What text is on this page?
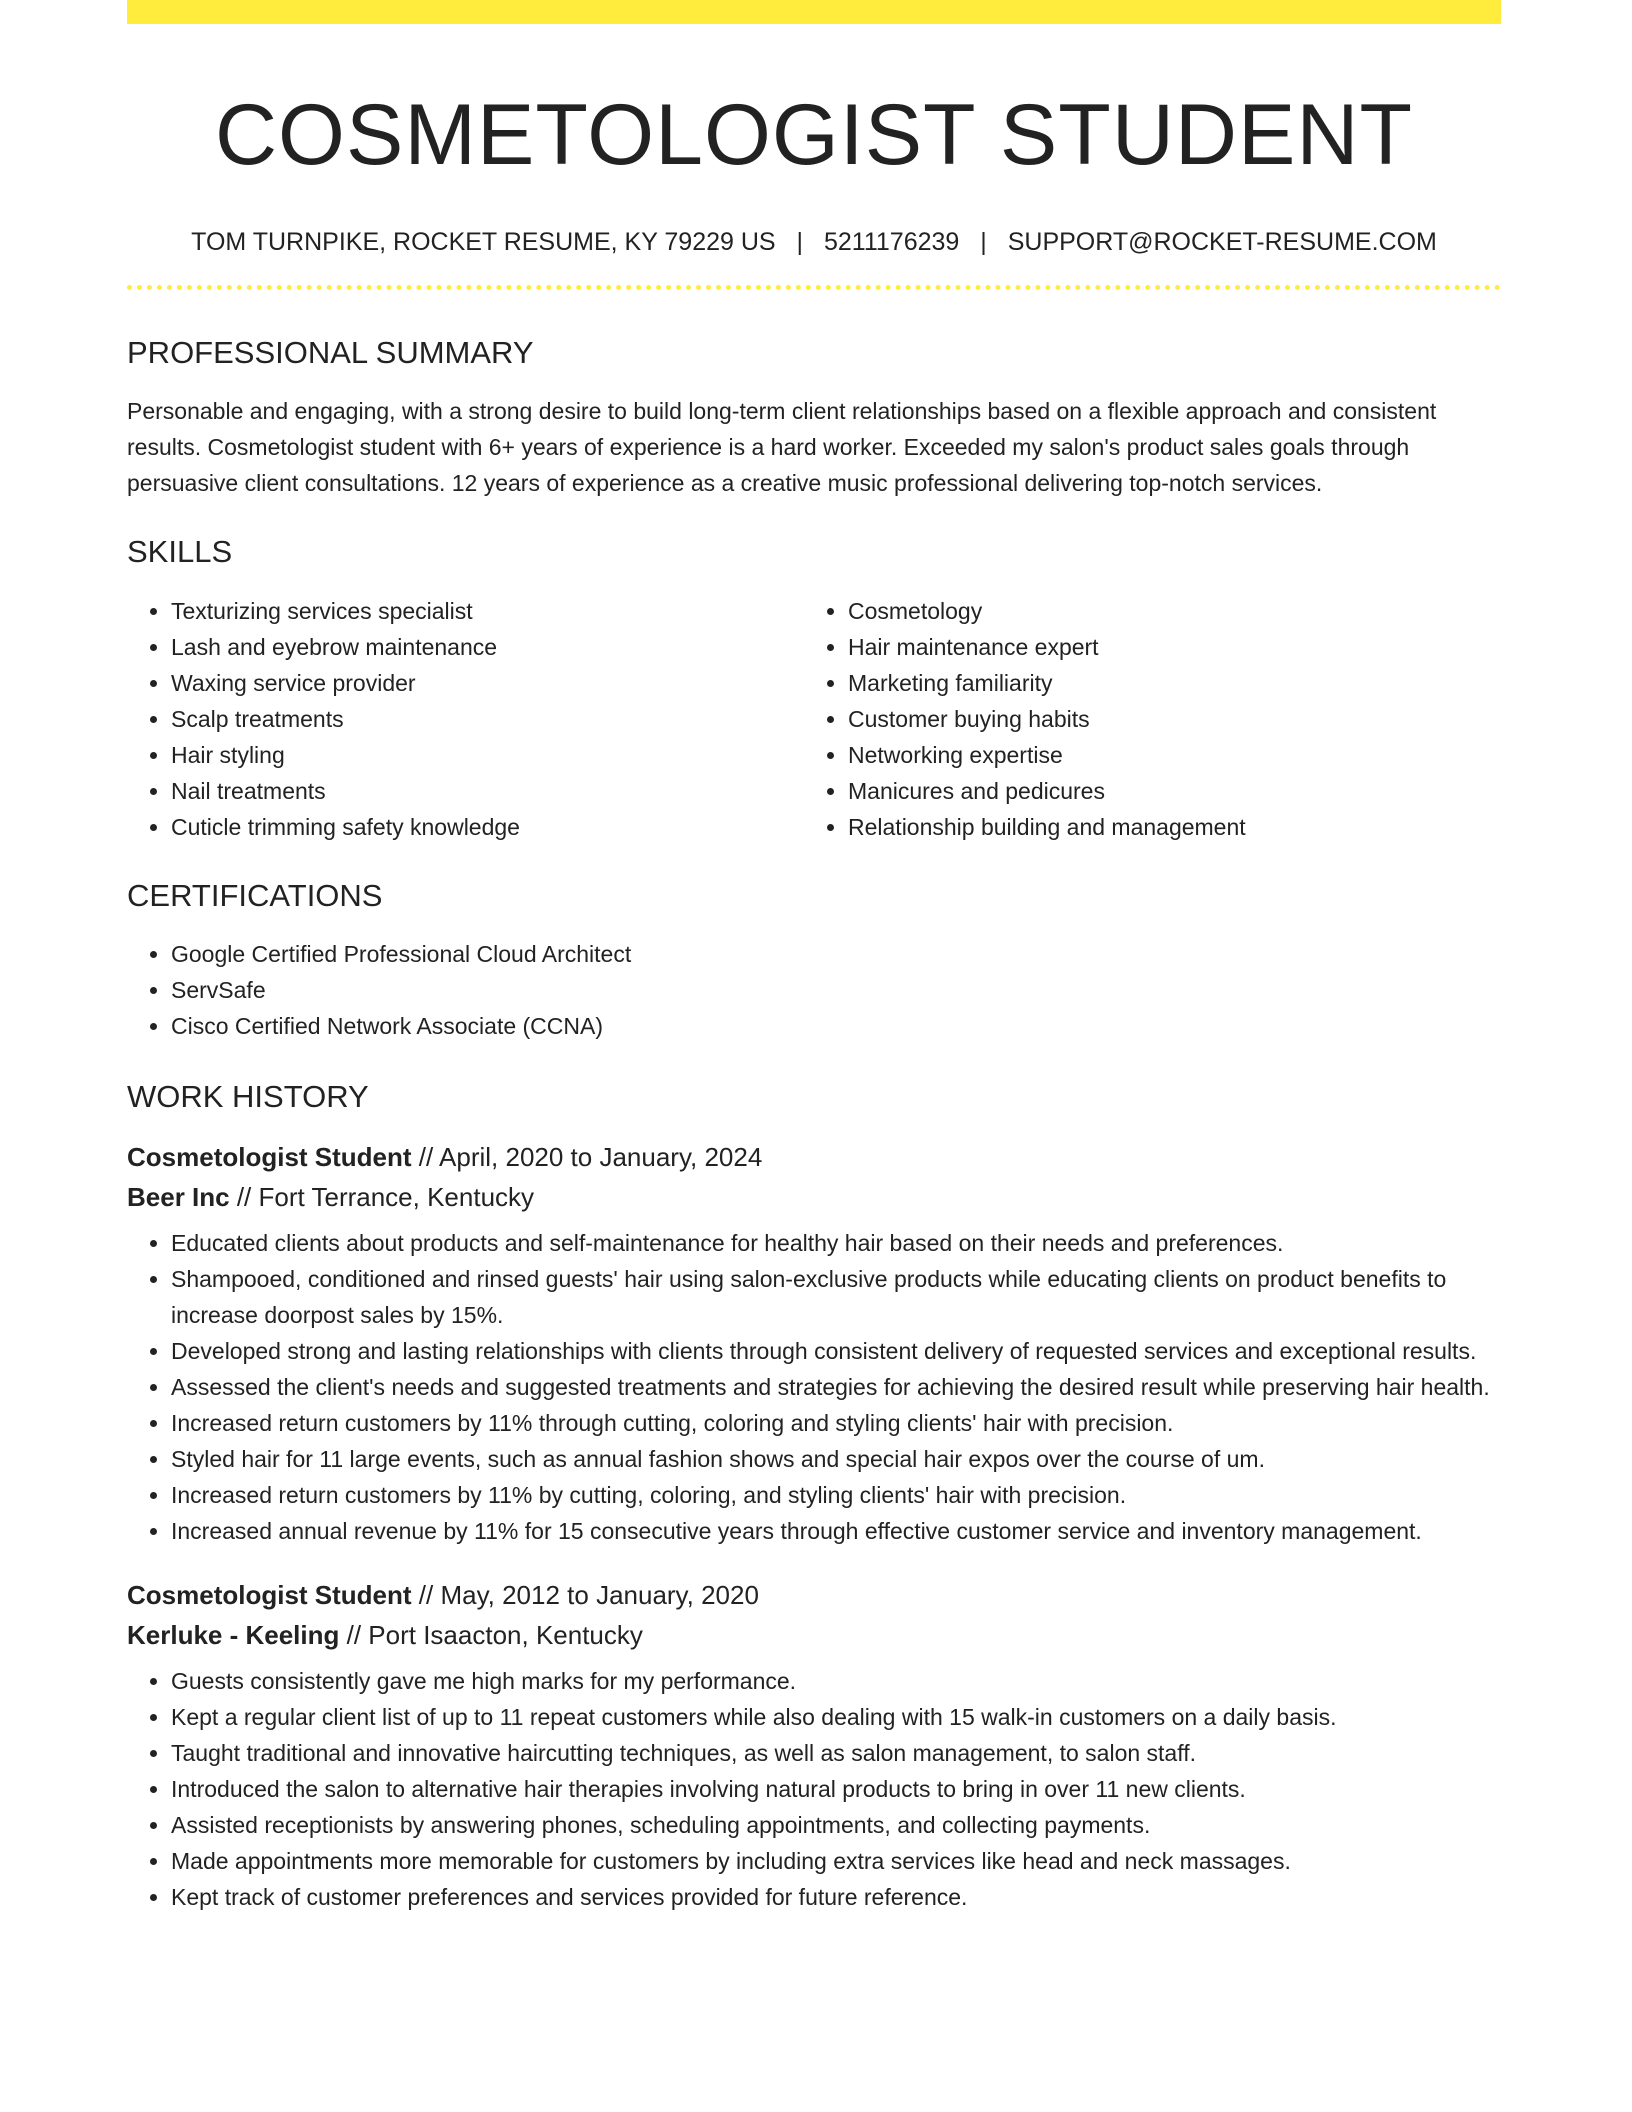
COSMETOLOGIST STUDENT
TOM TURNPIKE, ROCKET RESUME, KY 79229 US | 5211176239 | SUPPORT@ROCKET-RESUME.COM
PROFESSIONAL SUMMARY

Personable and engaging, with a strong desire to build long-term client relationships based on a flexible approach and consistent results. Cosmetologist student with 6+ years of experience is a hard worker. Exceeded my salon's product sales goals through persuasive client consultations. 12 years of experience as a creative music professional delivering top-notch services.

SKILLS
• Texturizing services specialist
• Lash and eyebrow maintenance
• Waxing service provider
• Scalp treatments
• Hair styling
• Nail treatments
• Cuticle trimming safety knowledge
• Cosmetology
• Hair maintenance expert
• Marketing familiarity
• Customer buying habits
• Networking expertise
• Manicures and pedicures
• Relationship building and management
CERTIFICATIONS
• Google Certified Professional Cloud Architect
• ServSafe
• Cisco Certified Network Associate (CCNA)
WORK HISTORY
Cosmetologist Student // April, 2020 to January, 2024
Beer Inc // Fort Terrance, Kentucky
• Educated clients about products and self-maintenance for healthy hair based on their needs and preferences.
• Shampooed, conditioned and rinsed guests' hair using salon-exclusive products while educating clients on product benefits to increase doorpost sales by 15%.
• Developed strong and lasting relationships with clients through consistent delivery of requested services and exceptional results.
• Assessed the client's needs and suggested treatments and strategies for achieving the desired result while preserving hair health.
• Increased return customers by 11% through cutting, coloring and styling clients' hair with precision.
• Styled hair for 11 large events, such as annual fashion shows and special hair expos over the course of um.
• Increased return customers by 11% by cutting, coloring, and styling clients' hair with precision.
• Increased annual revenue by 11% for 15 consecutive years through effective customer service and inventory management.
Cosmetologist Student // May, 2012 to January, 2020
Kerluke - Keeling // Port Isaacton, Kentucky
• Guests consistently gave me high marks for my performance.
• Kept a regular client list of up to 11 repeat customers while also dealing with 15 walk-in customers on a daily basis.
• Taught traditional and innovative haircutting techniques, as well as salon management, to salon staff.
• Introduced the salon to alternative hair therapies involving natural products to bring in over 11 new clients.
• Assisted receptionists by answering phones, scheduling appointments, and collecting payments.
• Made appointments more memorable for customers by including extra services like head and neck massages.
• Kept track of customer preferences and services provided for future reference.
